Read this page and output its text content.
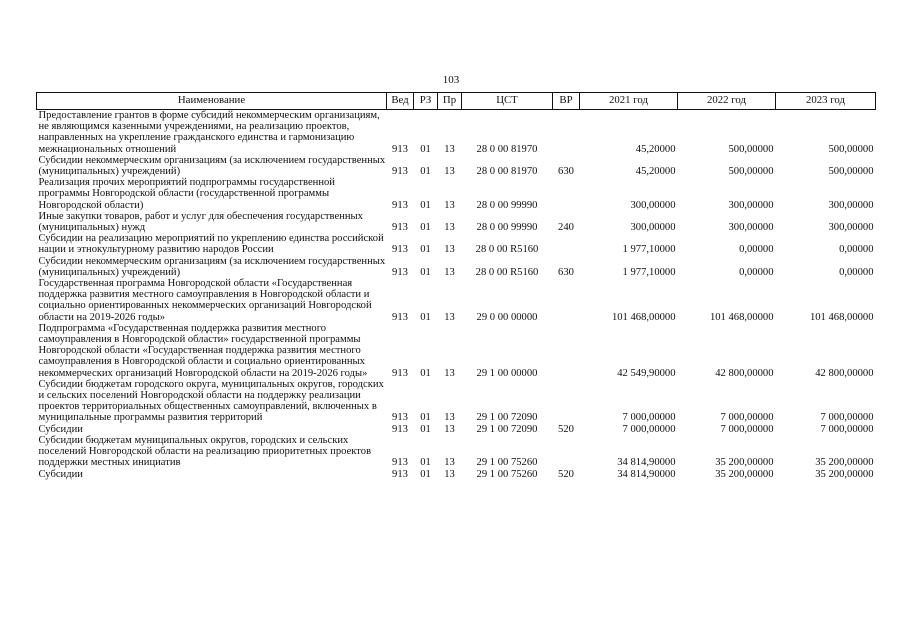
103
Наименование	Вед	РЗ	Пр	ЦСТ	ВР	2021 год	2022 год	2023 год
Предоставление грантов в форме субсидий некоммерческим организациям, не являющимся казенными учреждениями, на реализацию проектов, направленных на укрепление гражданского единства и гармонизацию межнациональных отношений	913	01	13	28 0 00 81970		45,20000	500,00000	500,00000
Субсидии некоммерческим организациям (за исключением государственных (муниципальных) учреждений)	913	01	13	28 0 00 81970	630	45,20000	500,00000	500,00000
Реализация прочих мероприятий подпрограммы государственной программы Новгородской области (государственной программы Новгородской области)	913	01	13	28 0 00 99990		300,00000	300,00000	300,00000
Иные закупки товаров, работ и услуг для обеспечения государственных (муниципальных) нужд	913	01	13	28 0 00 99990	240	300,00000	300,00000	300,00000
Субсидии на реализацию мероприятий по укреплению единства российской нации и этнокультурному развитию народов России	913	01	13	28 0 00 R5160		1 977,10000	0,00000	0,00000
Субсидии некоммерческим организациям (за исключением государственных (муниципальных) учреждений)	913	01	13	28 0 00 R5160	630	1 977,10000	0,00000	0,00000
Государственная программа Новгородской области «Государственная поддержка развития местного самоуправления в Новгородской области и социально ориентированных некоммерческих организаций Новгородской области на 2019-2026 годы»	913	01	13	29 0 00 00000		101 468,00000	101 468,00000	101 468,00000
Подпрограмма «Государственная поддержка развития местного самоуправления в Новгородской области» государственной программы Новгородской области «Государственная поддержка развития местного самоуправления в Новгородской области и социально ориентированных некоммерческих организаций Новгородской области на 2019-2026 годы»	913	01	13	29 1 00 00000		42 549,90000	42 800,00000	42 800,00000
Субсидии бюджетам городского округа, муниципальных округов, городских и сельских поселений Новгородской области на поддержку реализации проектов территориальных общественных самоуправлений, включенных в муниципальные программы развития территорий	913	01	13	29 1 00 72090		7 000,00000	7 000,00000	7 000,00000
Субсидии	913	01	13	29 1 00 72090	520	7 000,00000	7 000,00000	7 000,00000
Субсидии бюджетам муниципальных округов, городских и сельских поселений Новгородской области на реализацию приоритетных проектов поддержки местных инициатив	913	01	13	29 1 00 75260		34 814,90000	35 200,00000	35 200,00000
Субсидии	913	01	13	29 1 00 75260	520	34 814,90000	35 200,00000	35 200,00000
